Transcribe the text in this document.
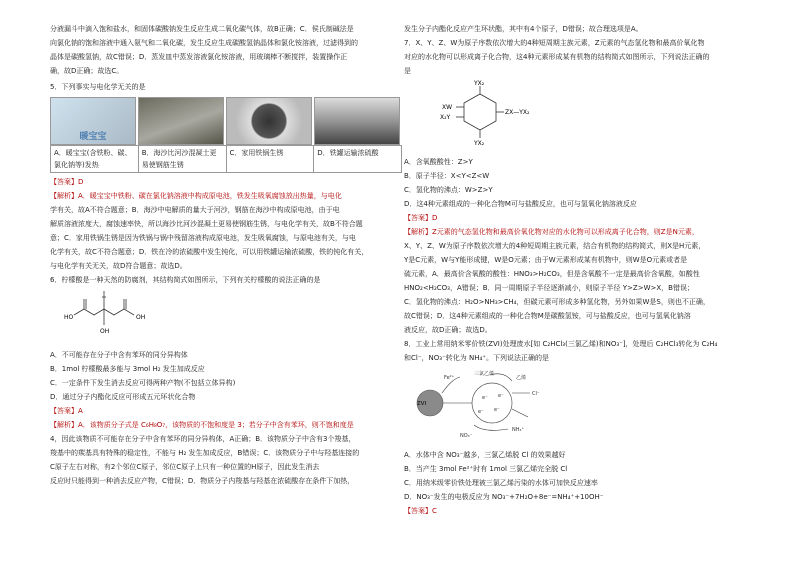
分液漏斗中滴入饱和盐水，和固体碳酸钠发生反应生成二氧化碳气体，故B正确；C．侯氏制碱法是

向氯化钠的饱和溶液中通入氨气和二氧化碳，发生反应生成碳酸氢钠晶体和氯化铵溶液，过滤得到的

晶体是碳酸氢钠，故C错误；D．蒸发皿中蒸发溶液氯化铵溶液，用玻璃棒不断搅拌，装置操作正

确，故D正确；故选C。

5．下列事实与电化学无关的是

暖宝宝
A．暖宝宝(含铁粉、碳、氯化钠等)发热	B．海沙比河沙混凝土更易使钢筋生锈	C．家用铁锅生锈	D．铁罐运输浓硫酸

【答案】D

【解析】A．暖宝宝中铁粉、碳在氯化钠溶液中构成原电池，铁发生吸氧腐蚀放出热量，与电化

学有关，故A不符合题意；B．海沙中电解质的量大于河沙，钢筋在海沙中构成原电池，由于电

解质溶液浓度大，腐蚀速率快，所以海沙比河沙混凝土更易使钢筋生锈，与电化学有关，故B不符合题

意；C．家用铁锅生锈是因为铁锅与锅中残留溶液构成原电池，发生吸氧腐蚀，与原电池有关，与电

化学有关，故C不符合题意；D．铁在冷的浓硫酸中发生钝化，可以用铁罐运输浓硫酸，铁的钝化有关，

与电化学有关无关，故D符合题意；故选D。

6．柠檬酸是一种天然的防腐剂，其结构简式如图所示，下列有关柠檬酸的说法正确的是

HO	OH
OH

A．不可能存在分子中含有苯环的同分异构体

B．1mol 柠檬酸最多能与 3mol H₂ 发生加成反应

C．一定条件下发生消去反应可得两种产物(不包括立体异构)

D．通过分子内酯化反应可形成五元环状化合物

【答案】A

【解析】A．该物质分子式是 C₆H₈O₇，该物质的不饱和度是 3；若分子中含有苯环，则不饱和度是

4，因此该物质不可能存在分子中含有苯环的同分异构体，A正确；B．该物质分子中含有3个羧基，

羧基中的羰基具有特殊的稳定性，不能与 H₂ 发生加成反应，B错误；C．该物质分子中与羟基连接的

C原子左右对称，有2个邻位C原子，邻位C原子上只有一种位置的H原子，因此发生消去

反应时只能得到一种消去反应产物，C错误；D．物质分子内羧基与羟基在浓硫酸存在条件下加热，

发生分子内酯化反应产生环状酯，其中有4个原子，D错误；故合理选项是A。

7．X、Y、Z、W为原子序数依次增大的4种短周期主族元素，Z元素的气态氢化物和最高价氧化物

对应的水化物可以形成离子化合物，这4种元素形成某有机物的结构简式如图所示，下列说法正确的

是

YX₂
XW
X₂Y
ZX—YX₂
YX₂

A．含氧酸酸性：Z>Y

B．原子半径：X<Y<Z<W

C．氢化物的沸点：W>Z>Y

D．这4种元素组成的一种化合物M可与盐酸反应，也可与氢氧化钠溶液反应

【答案】D

【解析】Z元素的气态氢化物和最高价氧化物对应的水化物可以形成离子化合物，则Z是N元素，

X、Y、Z、W为原子序数依次增大的4种短周期主族元素，结合有机物的结构简式，则X是H元素，

Y是C元素，W与Y能形成键，W是O元素；由于W元素形成某有机物中，则W是O元素或者是

硫元素，A．最高价含氧酸的酸性：HNO₃>H₂CO₃，但是含氧酸不一定是最高价含氧酸，如酸性

HNO₂<H₂CO₃，A错误；B．同一周期原子半径逐渐减小，则原子半径 Y>Z>W>X，B错误；

C．氢化物的沸点：H₂O>NH₃>CH₄，但碳元素可形成多种氢化物，另外如果W是S，则也不正确，

故C错误；D．这4种元素组成的一种化合物M是碳酸氢铵，可与盐酸反应，也可与氢氧化钠溶

液反应，故D正确；故选D。

8．工业上常用纳米零价铁(ZVI)处理废水[如 C₂HCl₃(三氯乙烯)和NO₃⁻]，处理后 C₂HCl₃转化为 C₂H₄

和Cl⁻，NO₃⁻转化为 NH₄⁺。下列说法正确的是

ZVI
Fe²⁺
三氯乙烯
乙烯
Cl⁻
NO₃⁻
NH₄⁺
e⁻
e⁻
e⁻
e⁻

A．水体中含 NO₃⁻越多，三氯乙烯脱 Cl 的效果越好

B．当产生 3mol Fe²⁺时有 1mol 三氯乙烯完全脱 Cl

C．用纳米级零价铁处理被三氯乙烯污染的水体可加快反应速率

D．NO₃⁻发生的电极反应为 NO₃⁻+7H₂O+8e⁻=NH₄⁺+10OH⁻

【答案】C
